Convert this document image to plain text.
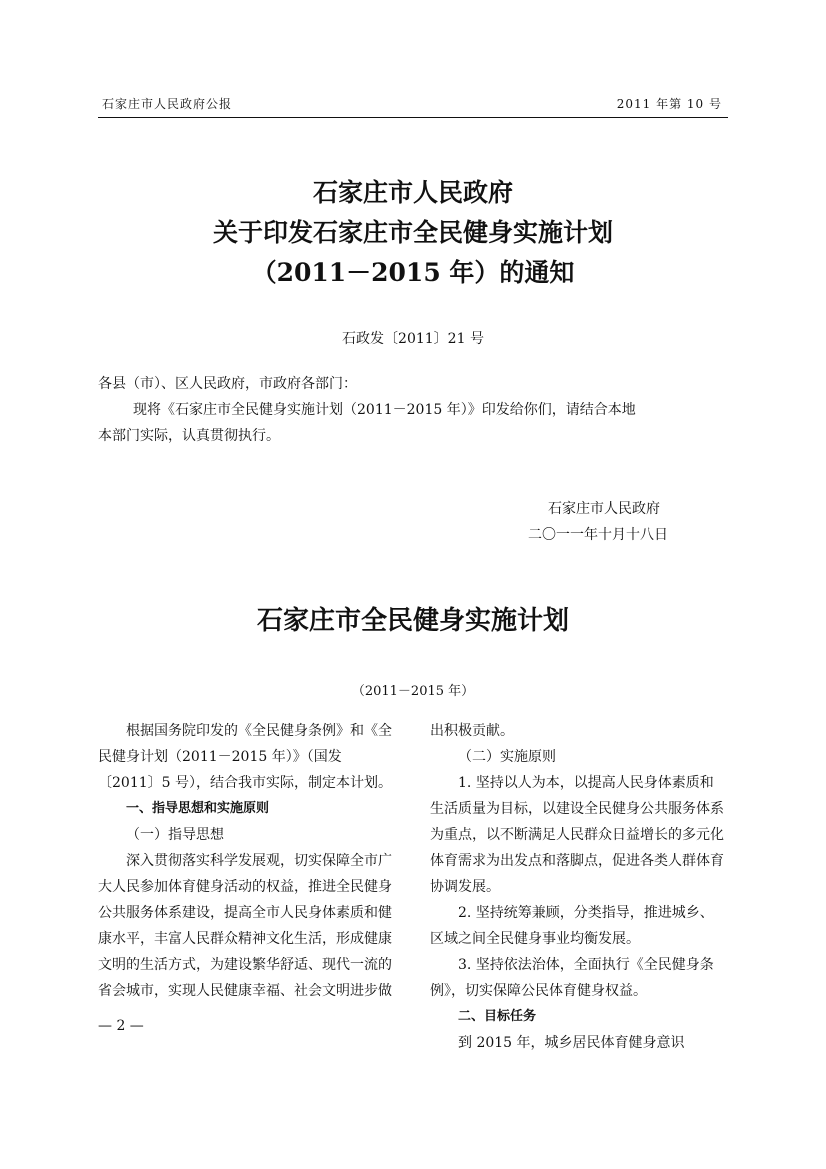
石家庄市人民政府公报	2011 年第 10 号
石家庄市人民政府
关于印发石家庄市全民健身实施计划
（2011－2015 年）的通知
石政发〔2011〕21 号
各县（市）、区人民政府，市政府各部门：
现将《石家庄市全民健身实施计划（2011－2015 年）》印发给你们，请结合本地
本部门实际，认真贯彻执行。
石家庄市人民政府
二〇一一年十月十八日
石家庄市全民健身实施计划
（2011－2015 年）

根据国务院印发的《全民健身条例》和《全民健身计划（2011－2015 年）》（国发〔2011〕5 号），结合我市实际，制定本计划。

一、指导思想和实施原则

（一）指导思想

深入贯彻落实科学发展观，切实保障全市广大人民参加体育健身活动的权益，推进全民健身公共服务体系建设，提高全市人民身体素质和健康水平，丰富人民群众精神文化生活，形成健康文明的生活方式，为建设繁华舒适、现代一流的省会城市，实现人民健康幸福、社会文明进步做

出积极贡献。

（二）实施原则

1. 坚持以人为本，以提高人民身体素质和生活质量为目标，以建设全民健身公共服务体系为重点，以不断满足人民群众日益增长的多元化体育需求为出发点和落脚点，促进各类人群体育协调发展。

2. 坚持统筹兼顾，分类指导，推进城乡、区域之间全民健身事业均衡发展。

3. 坚持依法治体，全面执行《全民健身条例》，切实保障公民体育健身权益。

二、目标任务

到 2015 年，城乡居民体育健身意识

— 2 —
